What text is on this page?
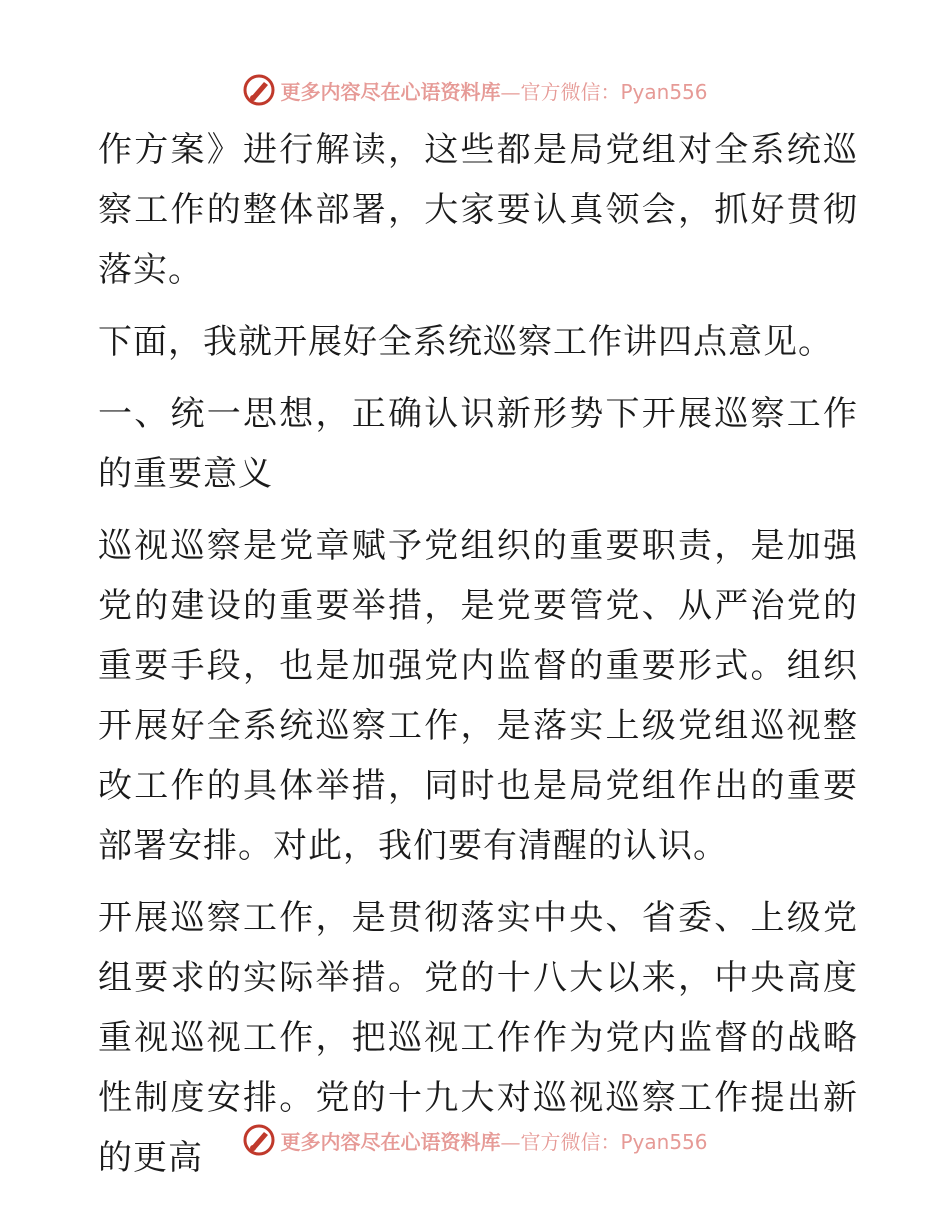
更多内容尽在心语资料库—官方微信：Pyan556

作方案》进行解读，这些都是局党组对全系统巡察工作的整体部署，大家要认真领会，抓好贯彻落实。

下面，我就开展好全系统巡察工作讲四点意见。

一、统一思想，正确认识新形势下开展巡察工作的重要意义

巡视巡察是党章赋予党组织的重要职责，是加强党的建设的重要举措，是党要管党、从严治党的重要手段，也是加强党内监督的重要形式。组织开展好全系统巡察工作，是落实上级党组巡视整改工作的具体举措，同时也是局党组作出的重要部署安排。对此，我们要有清醒的认识。

开展巡察工作，是贯彻落实中央、省委、上级党组要求的实际举措。党的十八大以来，中央高度重视巡视工作，把巡视工作作为党内监督的战略性制度安排。党的十九大对巡视巡察工作提出新的更高	更多内容尽在心语资料库—官方微信：Pyan556
